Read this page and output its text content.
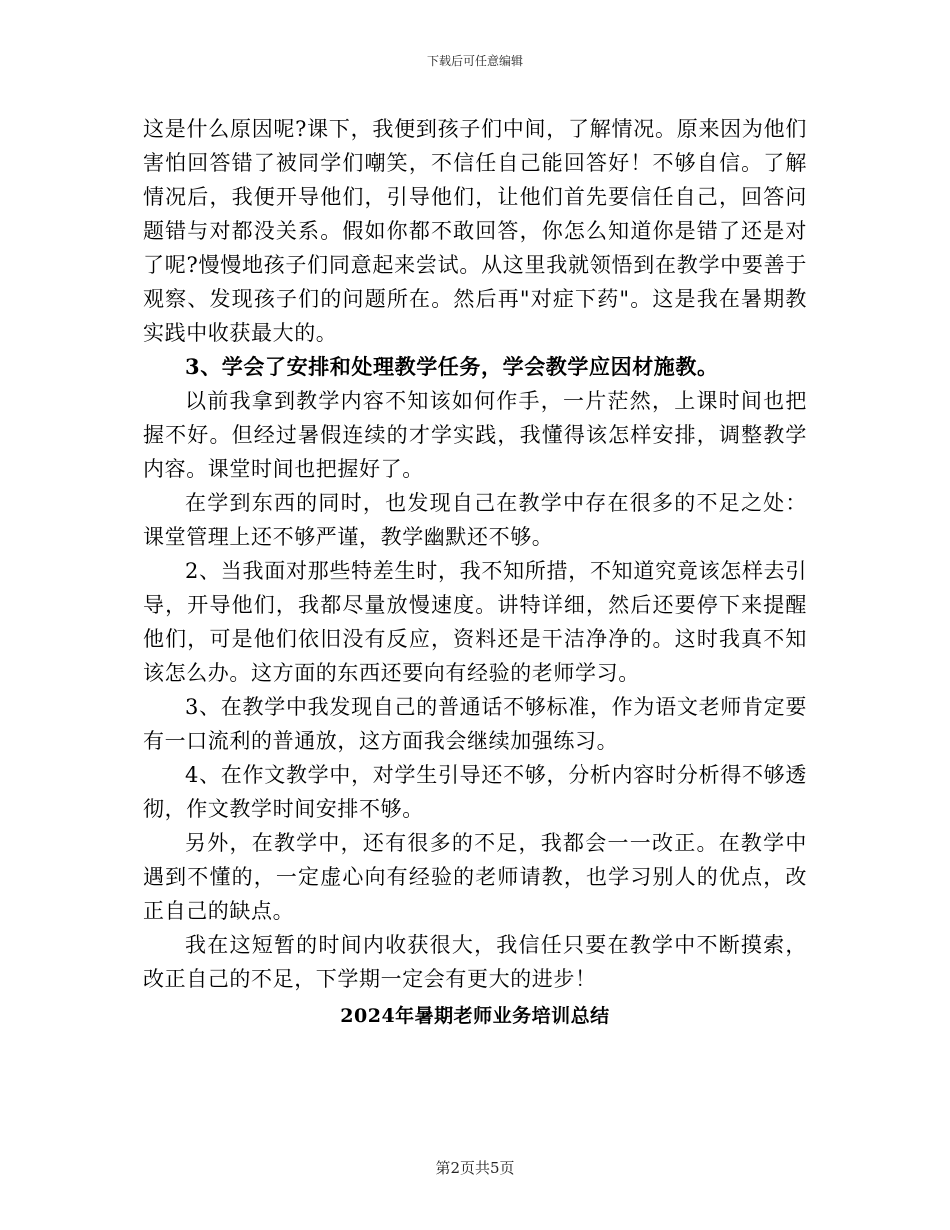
下载后可任意编辑

这是什么原因呢?课下，我便到孩子们中间，了解情况。原来因为他们害怕回答错了被同学们嘲笑，不信任自己能回答好！不够自信。了解情况后，我便开导他们，引导他们，让他们首先要信任自己，回答问题错与对都没关系。假如你都不敢回答，你怎么知道你是错了还是对了呢?慢慢地孩子们同意起来尝试。从这里我就领悟到在教学中要善于观察、发现孩子们的问题所在。然后再"对症下药"。这是我在暑期教实践中收获最大的。

3、学会了安排和处理教学任务，学会教学应因材施教。

以前我拿到教学内容不知该如何作手，一片茫然，上课时间也把握不好。但经过暑假连续的才学实践，我懂得该怎样安排，调整教学内容。课堂时间也把握好了。

在学到东西的同时，也发现自己在教学中存在很多的不足之处：课堂管理上还不够严谨，教学幽默还不够。

2、当我面对那些特差生时，我不知所措，不知道究竟该怎样去引导，开导他们，我都尽量放慢速度。讲特详细，然后还要停下来提醒他们，可是他们依旧没有反应，资料还是干洁净净的。这时我真不知该怎么办。这方面的东西还要向有经验的老师学习。

3、在教学中我发现自己的普通话不够标准，作为语文老师肯定要有一口流利的普通放，这方面我会继续加强练习。

4、在作文教学中，对学生引导还不够，分析内容时分析得不够透彻，作文教学时间安排不够。

另外，在教学中，还有很多的不足，我都会一一改正。在教学中遇到不懂的，一定虚心向有经验的老师请教，也学习别人的优点，改正自己的缺点。

我在这短暂的时间内收获很大，我信任只要在教学中不断摸索，改正自己的不足，下学期一定会有更大的进步！

2024年暑期老师业务培训总结

第2页共5页
